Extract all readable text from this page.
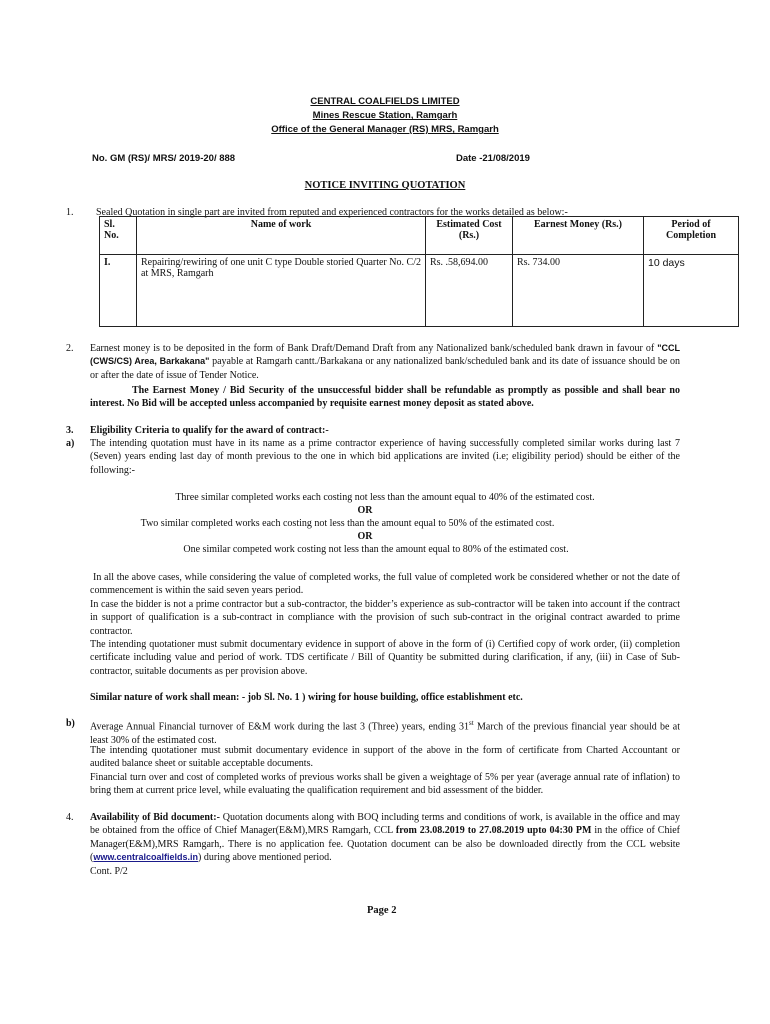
CENTRAL COALFIELDS LIMITED
Mines Rescue Station, Ramgarh
Office of the General Manager (RS) MRS, Ramgarh
No. GM (RS)/ MRS/ 2019-20/ 888	Date -21/08/2019
NOTICE INVITING QUOTATION
1. Sealed Quotation in single part are invited from reputed and experienced contractors for the works detailed as below:-
Sl. No.	Name of work	Estimated Cost (Rs.)	Earnest Money (Rs.)	Period of Completion
I.	Repairing/rewiring of one unit C type Double storied Quarter No. C/2 at MRS, Ramgarh	Rs. .58,694.00	Rs. 734.00	10 days
2. Earnest money is to be deposited in the form of Bank Draft/Demand Draft from any Nationalized bank/scheduled bank drawn in favour of "CCL (CWS/CS) Area, Barkakana" payable at Ramgarh cantt./Barkakana or any nationalized bank/scheduled bank and its date of issuance should be on or after the date of issue of Tender Notice.
The Earnest Money / Bid Security of the unsuccessful bidder shall be refundable as promptly as possible and shall bear no interest. No Bid will be accepted unless accompanied by requisite earnest money deposit as stated above.
3. Eligibility Criteria to qualify for the award of contract:-
a) The intending quotation must have in its name as a prime contractor experience of having successfully completed similar works during last 7 (Seven) years ending last day of month previous to the one in which bid applications are invited (i.e; eligibility period) should be either of the following:-
Three similar completed works each costing not less than the amount equal to 40% of the estimated cost.
OR
Two similar completed works each costing not less than the amount equal to 50% of the estimated cost.
OR
One similar competed work costing not less than the amount equal to 80% of the estimated cost.
In all the above cases, while considering the value of completed works, the full value of completed work be considered whether or not the date of commencement is within the said seven years period.
In case the bidder is not a prime contractor but a sub-contractor, the bidder’s experience as sub-contractor will be taken into account if the contract in support of qualification is a sub-contract in compliance with the provision of such sub-contract in the original contract awarded to prime contractor.
The intending quotationer must submit documentary evidence in support of above in the form of (i) Certified copy of work order, (ii) completion certificate including value and period of work. TDS certificate / Bill of Quantity be submitted during clarification, if any, (iii) in Case of Sub- contractor, suitable documents as per provision above.
Similar nature of work shall mean: - job Sl. No. 1 ) wiring for house building, office establishment etc.
b) Average Annual Financial turnover of E&M work during the last 3 (Three) years, ending 31st March of the previous financial year should be at least 30% of the estimated cost.
The intending quotationer must submit documentary evidence in support of the above in the form of certificate from Charted Accountant or audited balance sheet or suitable acceptable documents.
Financial turn over and cost of completed works of previous works shall be given a weightage of 5% per year (average annual rate of inflation) to bring them at current price level, while evaluating the qualification requirement and bid assessment of the bidder.
4. Availability of Bid document:- Quotation documents along with BOQ including terms and conditions of work, is available in the office and may be obtained from the office of Chief Manager(E&M),MRS Ramgarh, CCL from 23.08.2019 to 27.08.2019 upto 04:30 PM in the office of Chief Manager(E&M),MRS Ramgarh,. There is no application fee. Quotation document can be also be downloaded directly from the CCL website (www.centralcoalfields.in) during above mentioned period.
Cont. P/2
Page 2
